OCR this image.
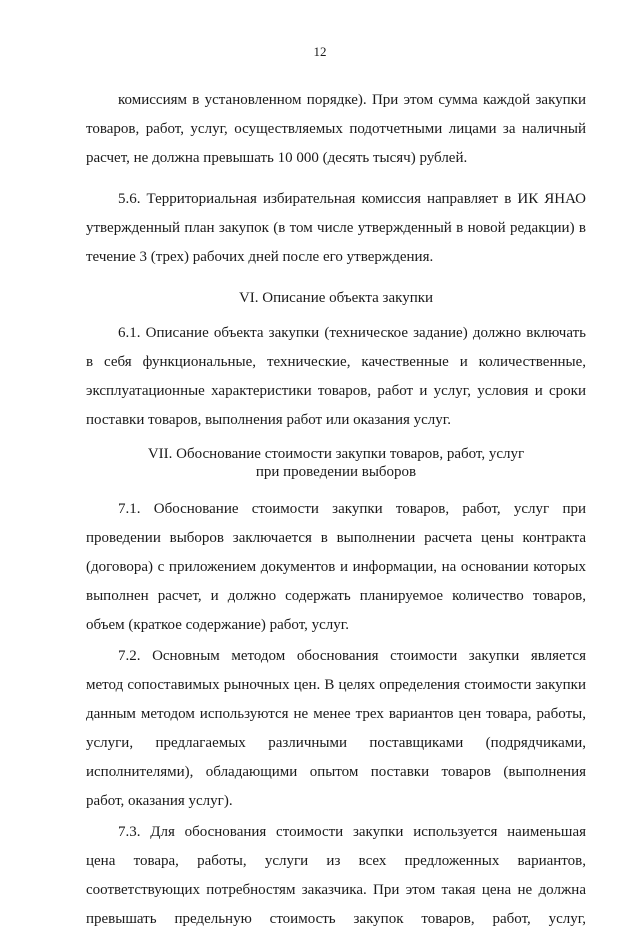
12
комиссиям в установленном порядке). При этом сумма каждой закупки
товаров, работ, услуг, осуществляемых подотчетными лицами за наличный
расчет, не должна превышать 10 000 (десять тысяч) рублей.
5.6. Территориальная избирательная комиссия направляет в ИК ЯНАО
утвержденный план закупок (в том числе утвержденный в новой редакции) в
течение 3 (трех) рабочих дней после его утверждения.
VI. Описание объекта закупки
6.1. Описание объекта закупки (техническое задание) должно включать
в себя функциональные, технические, качественные и количественные,
эксплуатационные характеристики товаров, работ и услуг, условия и сроки
поставки товаров, выполнения работ или оказания услуг.
VII. Обоснование стоимости закупки товаров, работ, услуг
при проведении выборов
7.1. Обоснование стоимости закупки товаров, работ, услуг при
проведении выборов заключается в выполнении расчета цены контракта
(договора) с приложением документов и информации, на основании которых
выполнен расчет, и должно содержать планируемое количество товаров,
объем (краткое содержание) работ, услуг.
7.2. Основным методом обоснования стоимости закупки является
метод сопоставимых рыночных цен. В целях определения стоимости закупки
данным методом используются не менее трех вариантов цен товара, работы,
услуги, предлагаемых различными поставщиками (подрядчиками,
исполнителями), обладающими опытом поставки товаров (выполнения
работ, оказания услуг).
7.3. Для обоснования стоимости закупки используется наименьшая
цена товара, работы, услуги из всех предложенных вариантов,
соответствующих потребностям заказчика. При этом такая цена не должна
превышать предельную стоимость закупок товаров, работ, услуг,
